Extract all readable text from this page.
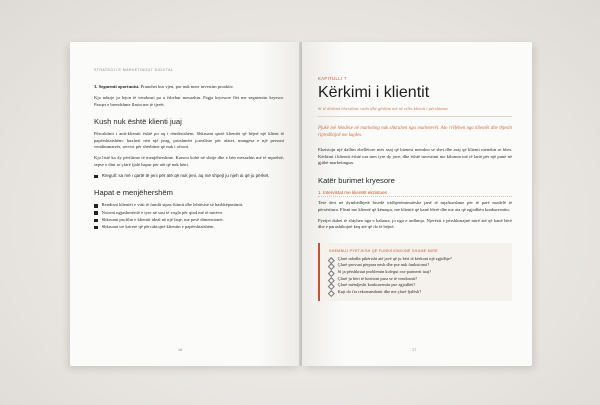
STRATEGJI E MARKETINGUT DIGJITAL

3. Segmenti oportunist. Pranohet kur vjen, por nuk merr investim proaktiv.

Kjo ndarje ju lejon të vendosni pa u fshehur mesazhin. Pagja kryesore flet me segmentin kryesor. Pasqet e brendshme flasin me të tjerët.

Kush nuk është klienti juaj

Përcaktimi i anti-klientit është po aq i rëndësishëm. Shkruani qartë klientët që bëjnë një klient të papërshtatshëm: buxheti nën një prag, pritshmëri joreaIiste për afatet, mungesa e një personi vendimmarrës, servisi për shërbime që nuk i ofroni.

Kjo listë ka dy përfitime të menjëhershme. Karson kohë në shitje dhe e bën mesazhin më të mprehtë, sepse e dini se çfarë fjalë hapur për atë që nuk bëni.

Rregull: sa më i qartë të jeni për atë që nuk jeni, aq më shpejt ju njeh ai që ju përket.
Hapat e menjëhershëm
Rendisni klientët e vitit të fundit sipas fitimit dhe lehtësisë së bashkëpunimit.
Nxirrni ngjashmëritë e tyre në sasi të vogla për qind më të mirëve.
Shkruani profilin e klientit ideal në një faqe, me pesë dimensionet.
Shkruani tre kritere që përcaktojnë klientin e papërshtatshëm.
16
KAPITULLI 7
Kërkimi i klientit
Si të dëshmi ëhershme vado dhe gëshim më në cilës klienti i përshtatur.

Pjukë më hëndëse në marketing nuk shkruhen nga marketerët. Ato rrëfehen nga klientët dhe thjesht riprodhojnë me kujdes.

Ekzistojn një dallim zbellëtore mes asaj që biznesi mendon se shet dhe asaj që klienti mendon se blen. Kërkimi i klientit është ura mes tyre dy jave, dhe është investimi me kthimin më të lartë për një punë në gjithë marketingun.

Katër burimet kryesore
1. Intervistat me klientët ekzistues

Tesë deri në dymbëdhjetë bisedë tridhjetëminutëshe janë të mjaftueshme për të parë modelë të përsëritura. Flisni me klientë që kënaqur, me klientë që kanë blerë dhe me ata që zgjodhën konkurrentin.

Pyetjet duhet të shtyhen nga e kaluara, jo nga e ardhmja. Njerëzit e përshkruajnë mirë atë që kanë bërë dhe e parashikojnë keq atë që do të bëjnë.

SHEMBUJ PYETJESH QË FUNKSIONOJNË SHUMË MIRË
Çfarë ndodhi pikërisht atë javë që ju bëri të kërkoni një zgjidhje?
Çfarë provuat përpara nesh dhe pse nuk funksionoi?
Si ja përshkruat problemin kolegut ose partnerit tuaj?
Çfarë ju bëri të hezitoni para se të vendosnit?
Çfarë mëndjeshi konkurrentin pse zgjodhët?
Kujt do t'ia rekomandonit dhe me çfarë fjalësh?
17
